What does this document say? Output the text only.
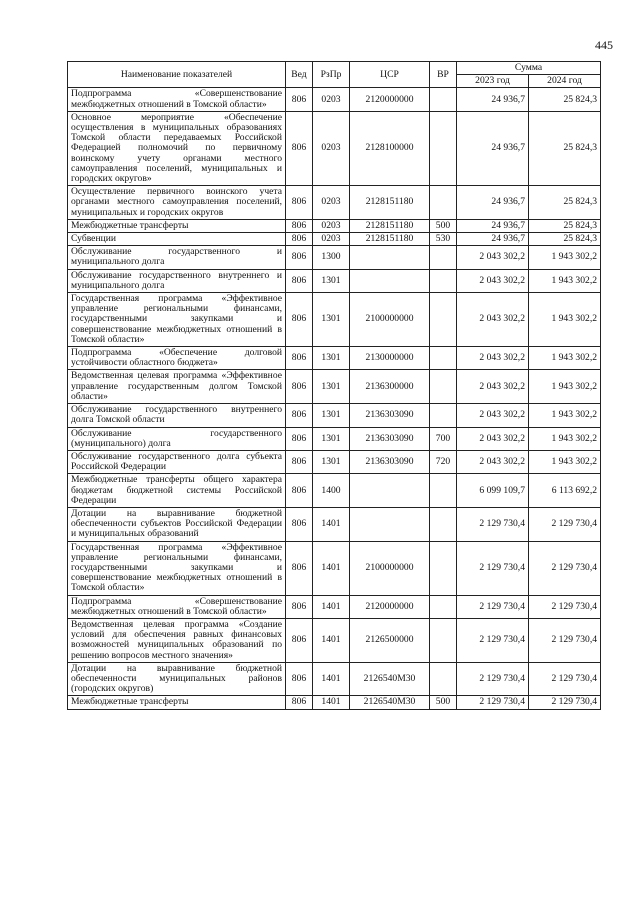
445
Наименование показателей	Вед	РзПр	ЦСР	ВР	Сумма	
					2023 год	2024 год
Подпрограмма «Совершенствование межбюджетных отношений в Томской области»	806	0203	2120000000		24 936,7	25 824,3
Основное мероприятие «Обеспечение осуществления в муниципальных образованиях Томской области передаваемых Российской Федерацией полномочий по первичному воинскому учету органами местного самоуправления поселений, муниципальных и городских округов»	806	0203	2128100000		24 936,7	25 824,3
Осуществление первичного воинского учета органами местного самоуправления поселений, муниципальных и городских округов	806	0203	2128151180		24 936,7	25 824,3
Межбюджетные трансферты	806	0203	2128151180	500	24 936,7	25 824,3
Субвенции	806	0203	2128151180	530	24 936,7	25 824,3
Обслуживание государственного и муниципального долга	806	1300			2 043 302,2	1 943 302,2
Обслуживание государственного внутреннего и муниципального долга	806	1301			2 043 302,2	1 943 302,2
Государственная программа «Эффективное управление региональными финансами, государственными закупками и совершенствование межбюджетных отношений в Томской области»	806	1301	2100000000		2 043 302,2	1 943 302,2
Подпрограмма «Обеспечение долговой устойчивости областного бюджета»	806	1301	2130000000		2 043 302,2	1 943 302,2
Ведомственная целевая программа «Эффективное управление государственным долгом Томской области»	806	1301	2136300000		2 043 302,2	1 943 302,2
Обслуживание государственного внутреннего долга Томской области	806	1301	2136303090		2 043 302,2	1 943 302,2
Обслуживание государственного (муниципального) долга	806	1301	2136303090	700	2 043 302,2	1 943 302,2
Обслуживание государственного долга субъекта Российской Федерации	806	1301	2136303090	720	2 043 302,2	1 943 302,2
Межбюджетные трансферты общего характера бюджетам бюджетной системы Российской Федерации	806	1400			6 099 109,7	6 113 692,2
Дотации на выравнивание бюджетной обеспеченности субъектов Российской Федерации и муниципальных образований	806	1401			2 129 730,4	2 129 730,4
Государственная программа «Эффективное управление региональными финансами, государственными закупками и совершенствование межбюджетных отношений в Томской области»	806	1401	2100000000		2 129 730,4	2 129 730,4
Подпрограмма «Совершенствование межбюджетных отношений в Томской области»	806	1401	2120000000		2 129 730,4	2 129 730,4
Ведомственная целевая программа «Создание условий для обеспечения равных финансовых возможностей муниципальных образований по решению вопросов местного значения»	806	1401	2126500000		2 129 730,4	2 129 730,4
Дотации на выравнивание бюджетной обеспеченности муниципальных районов (городских округов)	806	1401	2126540М30		2 129 730,4	2 129 730,4
Межбюджетные трансферты	806	1401	2126540М30	500	2 129 730,4	2 129 730,4
